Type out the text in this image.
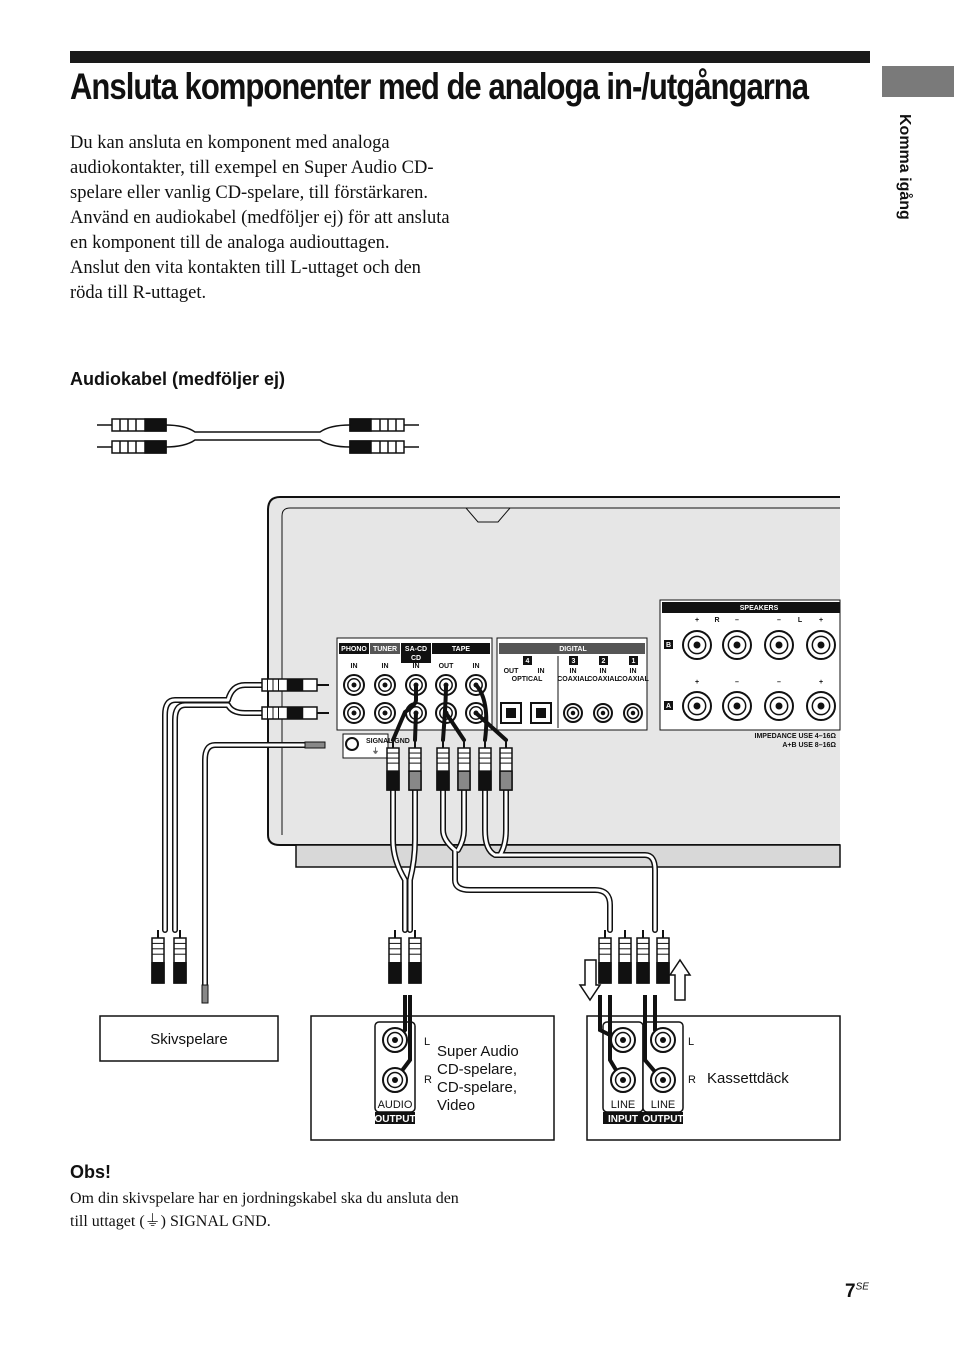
Ansluta komponenter med de analoga in-/utgångarna
Komma igång

Du kan ansluta en komponent med analoga audiokontakter, till exempel en Super Audio CD-spelare eller vanlig CD-spelare, till förstärkaren.

Använd en audiokabel (medföljer ej) för att ansluta en komponent till de analoga audiouttagen.

Anslut den vita kontakten till L-uttaget och den röda till R-uttaget.

Audiokabel (medföljer ej)
PHONO TUNER SA-CD
CD
TAPE
IN	IN	IN	OUT	IN
DIGITAL
4	3	2	1
OUT	IN
OPTICAL
IN
COAXIAL
IN
COAXIAL
IN
COAXIAL
SPEAKERS
+ R –	– L +
B
A
+	–	–	+
IMPEDANCE USE 4–16Ω
A+B USE 8–16Ω
SIGNAL GND
⏚
Skivspelare	L
R
AUDIO
OUTPUT
Super Audio
CD-spelare,
CD-spelare,
Video
L
R
LINE LINE
INPUT OUTPUT
Kassettdäck
Obs!
Om din skivspelare har en jordningskabel ska du ansluta den till uttaget (⏚) SIGNAL GND.
$7^{SE}$
